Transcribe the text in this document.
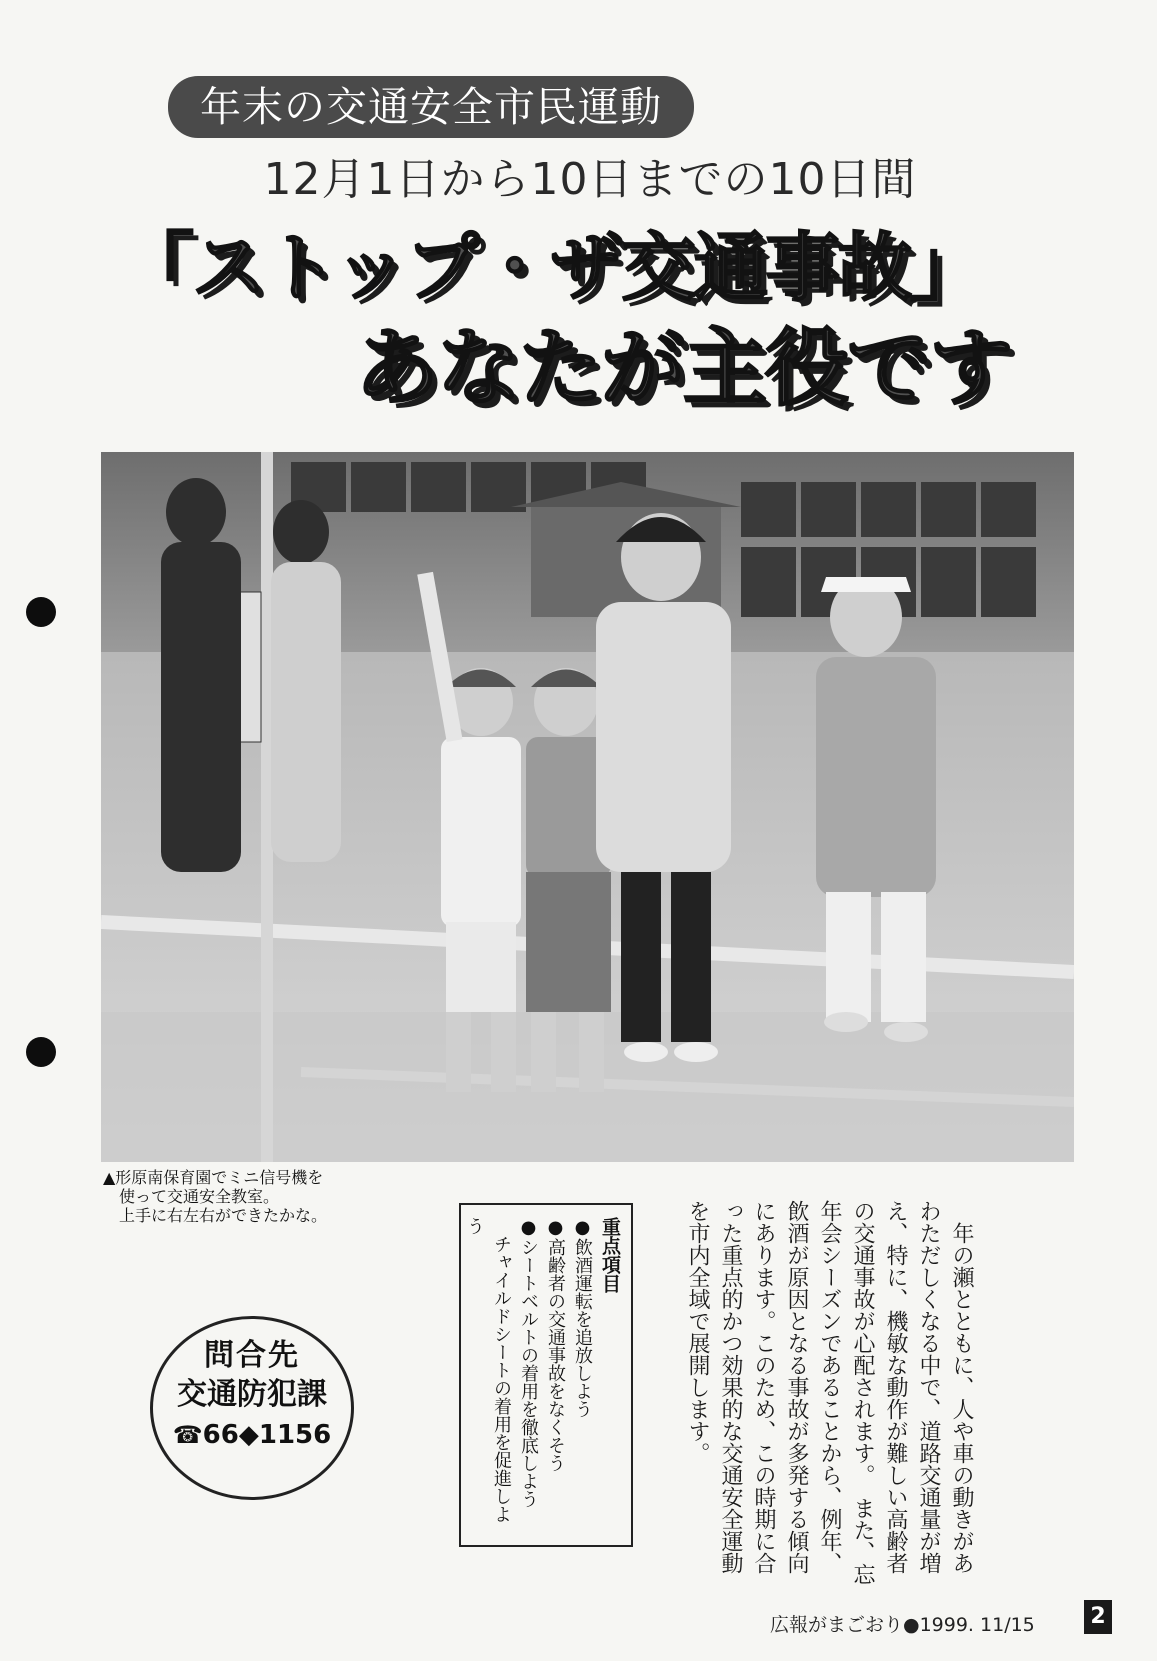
年末の交通安全市民運動
12月1日から10日までの10日間
「ストップ・ザ交通事故」
あなたが主役です
▲形原南保育園でミニ信号機を
　使って交通安全教室。
　上手に右左右ができたかな。
問合先
交通防犯課
☎66◆1156
重点項目
●飲酒運転を追放しよう
●高齢者の交通事故をなくそう
●シートベルトの着用を徹底しよう
　チャイルドシートの着用を促進しよう	　年の瀬とともに、人や車の動きがあわただしくなる中で、道路交通量が増え、特に、機敏な動作が難しい高齢者の交通事故が心配されます。　また、忘年会シーズンであることから、例年、飲酒が原因となる事故が多発する傾向にあります。このため、この時期に合った重点的かつ効果的な交通安全運動を市内全域で展開します。
広報がまごおり●1999. 11/15	2
